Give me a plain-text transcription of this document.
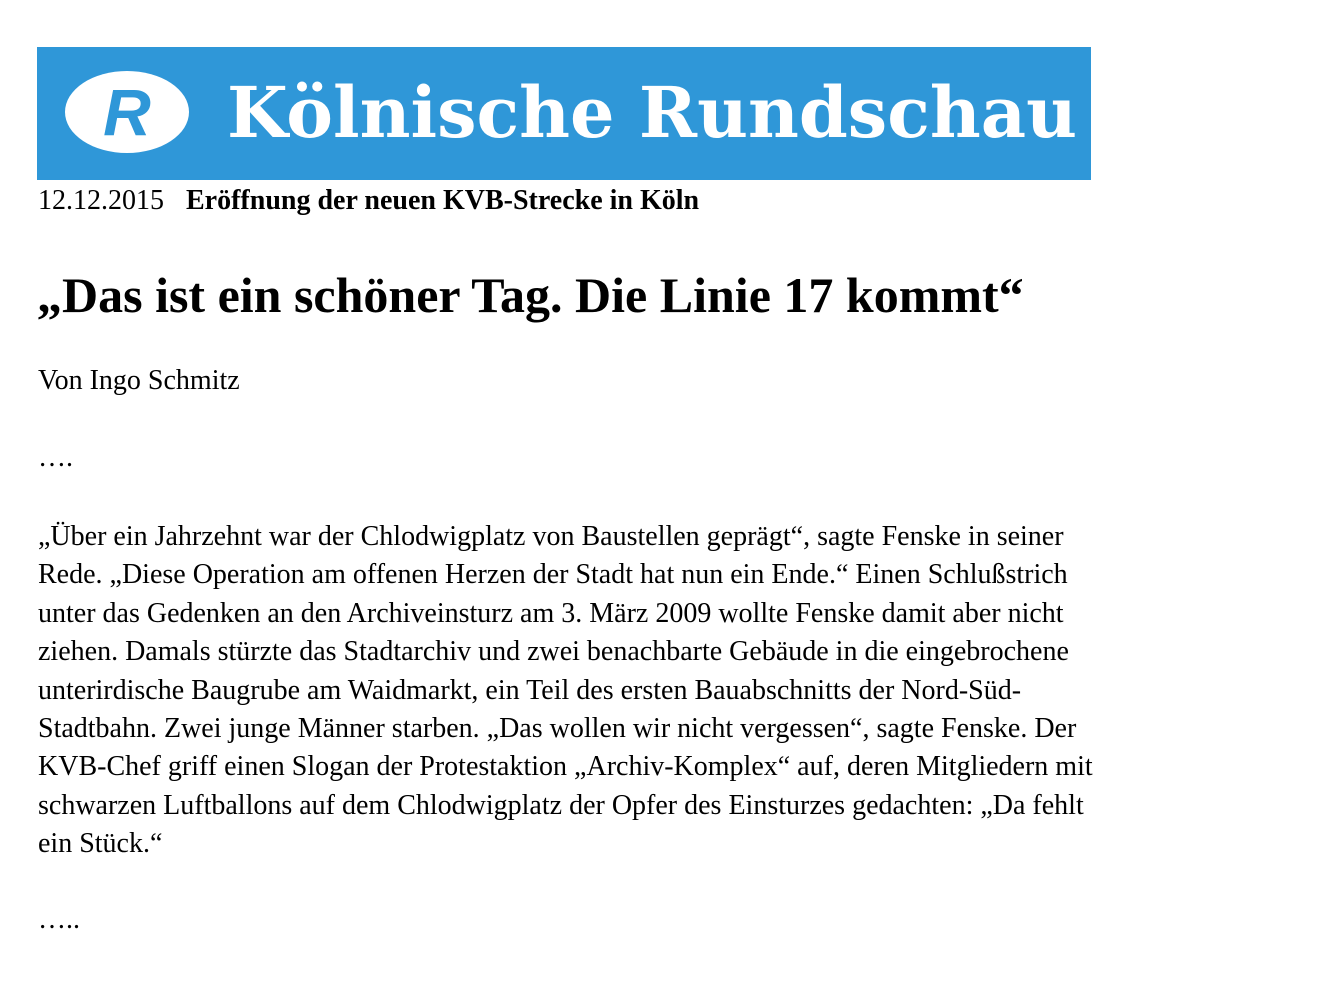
R	Kölnische Rundschau
12.12.2015 Eröffnung der neuen KVB-Strecke in Köln
„Das ist ein schöner Tag. Die Linie 17 kommt“
Von Ingo Schmitz
….
„Über ein Jahrzehnt war der Chlodwigplatz von Baustellen geprägt“, sagte Fenske in seiner
Rede. „Diese Operation am offenen Herzen der Stadt hat nun ein Ende.“ Einen Schlußstrich
unter das Gedenken an den Archiveinsturz am 3. März 2009 wollte Fenske damit aber nicht
ziehen. Damals stürzte das Stadtarchiv und zwei benachbarte Gebäude in die eingebrochene
unterirdische Baugrube am Waidmarkt, ein Teil des ersten Bauabschnitts der Nord-Süd-
Stadtbahn. Zwei junge Männer starben. „Das wollen wir nicht vergessen“, sagte Fenske. Der
KVB-Chef griff einen Slogan der Protestaktion „Archiv-Komplex“ auf, deren Mitgliedern mit
schwarzen Luftballons auf dem Chlodwigplatz der Opfer des Einsturzes gedachten: „Da fehlt
ein Stück.“
…..
